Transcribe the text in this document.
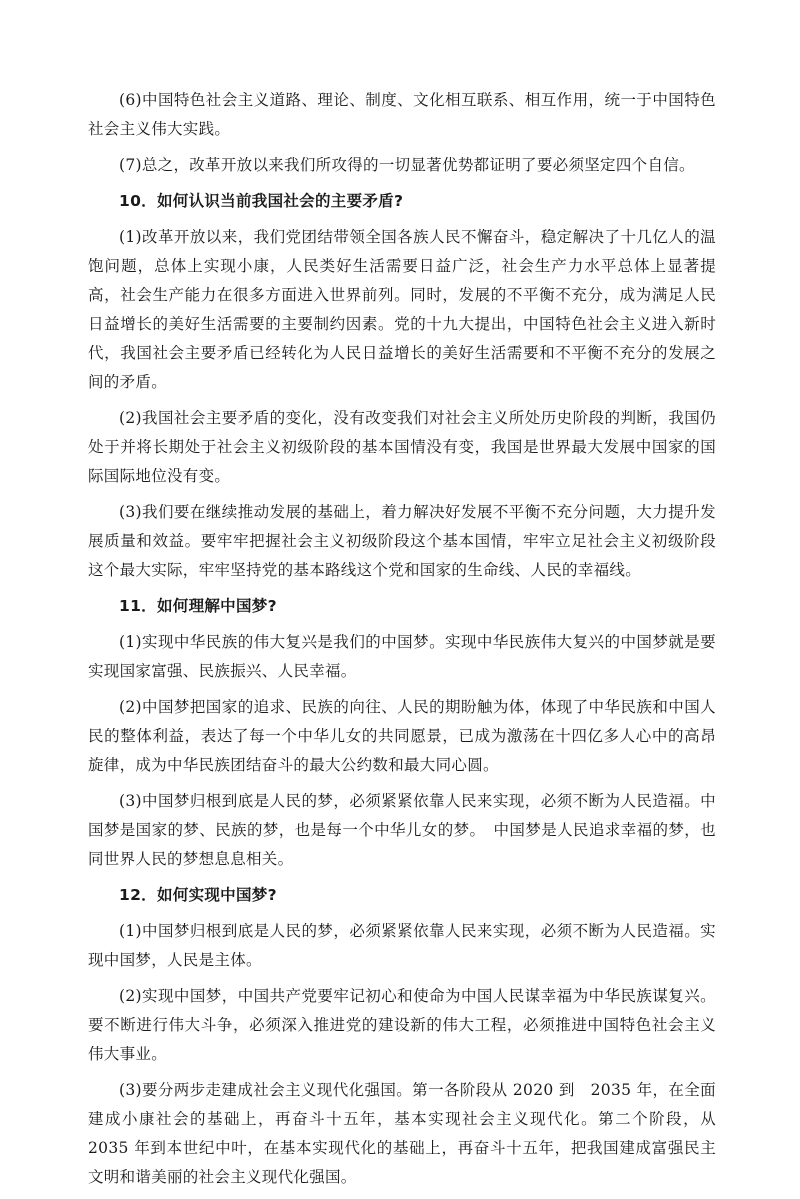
(6)中国特色社会主义道路、理论、制度、文化相互联系、相互作用，统一于中国特色社会主义伟大实践。

(7)总之，改革开放以来我们所攻得的一切显著优势都证明了要必须坚定四个自信。

10．如何认识当前我国社会的主要矛盾?

(1)改革开放以来，我们党团结带领全国各族人民不懈奋斗，稳定解决了十几亿人的温饱问题，总体上实现小康，人民类好生活需要日益广泛，社会生产力水平总体上显著提高，社会生产能力在很多方面进入世界前列。同时，发展的不平衡不充分，成为满足人民日益增长的美好生活需要的主要制约因素。党的十九大提出，中国特色社会主义进入新时代，我国社会主要矛盾已经转化为人民日益增长的美好生活需要和不平衡不充分的发展之间的矛盾。

(2)我国社会主要矛盾的变化，没有改变我们对社会主义所处历史阶段的判断，我国仍处于并将长期处于社会主义初级阶段的基本国情没有变，我国是世界最大发展中国家的国际国际地位没有变。

(3)我们要在继续推动发展的基础上，着力解决好发展不平衡不充分问题，大力提升发展质量和效益。要牢牢把握社会主义初级阶段这个基本国情，牢牢立足社会主义初级阶段这个最大实际，牢牢坚持党的基本路线这个党和国家的生命线、人民的幸福线。

11．如何理解中国梦?

(1)实现中华民族的伟大复兴是我们的中国梦。实现中华民族伟大复兴的中国梦就是要实现国家富强、民族振兴、人民幸福。

(2)中国梦把国家的追求、民族的向往、人民的期盼触为体，体现了中华民族和中国人民的整体利益，表达了每一个中华儿女的共同愿景，已成为激荡在十四亿多人心中的高昂旋律，成为中华民族团结奋斗的最大公约数和最大同心圆。

(3)中国梦归根到底是人民的梦，必须紧紧依靠人民来实现，必须不断为人民造福。中国梦是国家的梦、民族的梦，也是每一个中华儿女的梦。　中国梦是人民追求幸福的梦，也同世界人民的梦想息息相关。

12．如何实现中国梦?

(1)中国梦归根到底是人民的梦，必须紧紧依靠人民来实现，必须不断为人民造福。实现中国梦，人民是主体。

(2)实现中国梦，中国共产党要牢记初心和使命为中国人民谋幸福为中华民族谋复兴。要不断进行伟大斗争，必须深入推进党的建设新的伟大工程，必须推进中国特色社会主义伟大事业。

(3)要分两步走建成社会主义现代化强国。第一各阶段从 2020 到　2035 年，在全面建成小康社会的基础上，再奋斗十五年，基本实现社会主义现代化。第二个阶段，从 2035 年到本世纪中叶，在基本实现代化的基础上，再奋斗十五年，把我国建成富强民主文明和谐美丽的社会主义现代化强国。
